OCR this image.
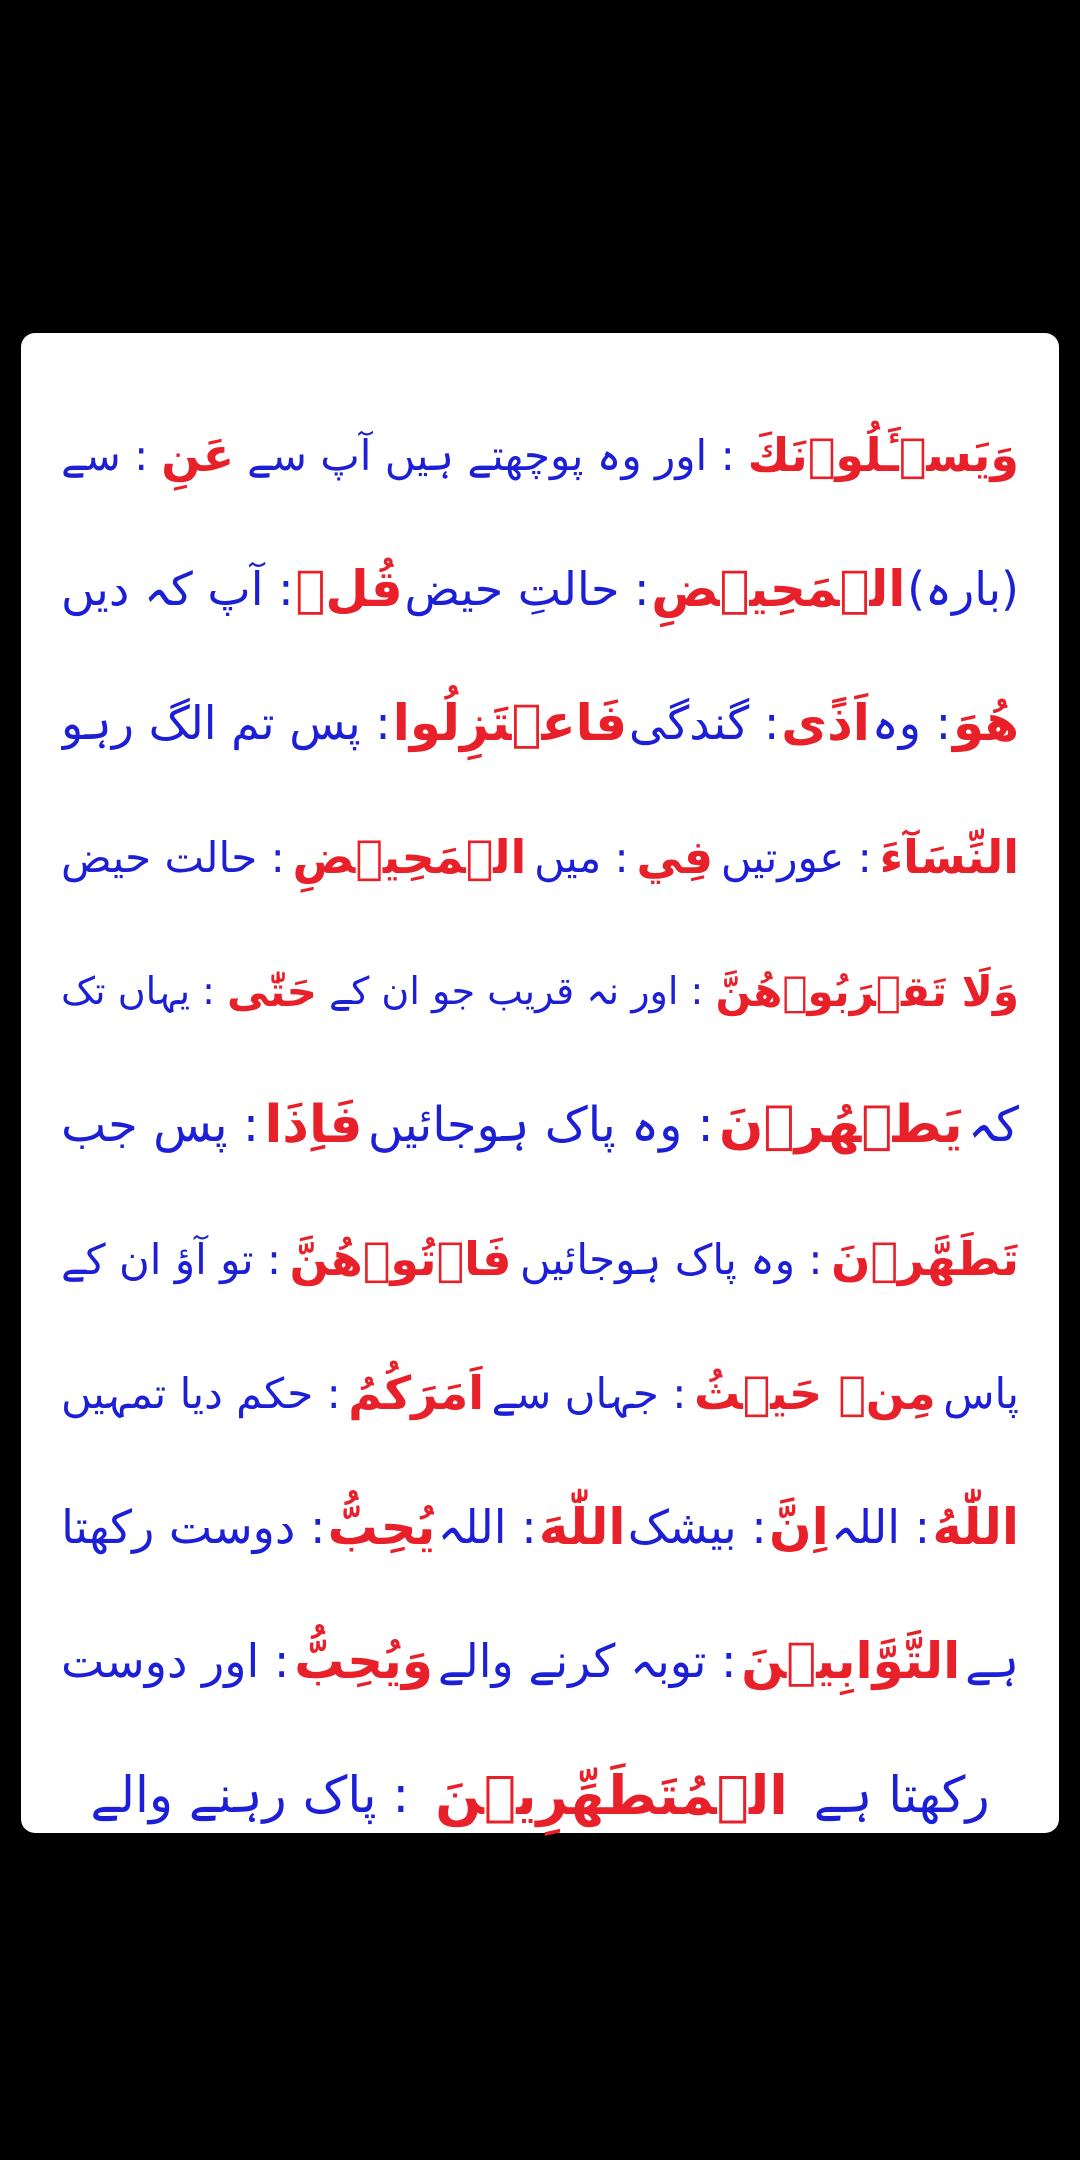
وَيَسۡـَٔلُوۡنَكَ
: اور وہ پوچھتے ہیں آپ سے
عَنِ
: سے
(بارہ)
الۡمَحِيۡضِ
: حالتِ حیض
قُلۡ
: آپ کہ دیں
هُوَ
: وہ
اَذًى
: گندگی
فَاعۡتَزِلُوا
: پس تم الگ رہو
النِّسَآءَ
: عورتیں
فِي
: میں
الۡمَحِيۡضِ
: حالت حیض
وَلَا تَقۡرَبُوۡهُنَّ
: اور نہ قریب جو ان کے
حَتّٰى
: یہاں تک
کہ
يَطۡهُرۡنَ
: وہ پاک ہوجائیں
فَاِذَا
: پس جب
تَطَهَّرۡنَ
: وہ پاک ہوجائیں
فَاۡتُوۡهُنَّ
: تو آؤ ان کے
پاس
مِنۡ حَيۡثُ
: جہاں سے
اَمَرَكُمُ
: حکم دیا تمہیں
اللّٰهُ
: اللہ
اِنَّ
: بیشک
اللّٰهَ
: اللہ
يُحِبُّ
: دوست رکھتا
ہے
التَّوَّابِيۡنَ
: توبہ کرنے والے
وَيُحِبُّ
: اور دوست
رکھتا ہے
الۡمُتَطَهِّرِيۡنَ
: پاک رہنے والے
